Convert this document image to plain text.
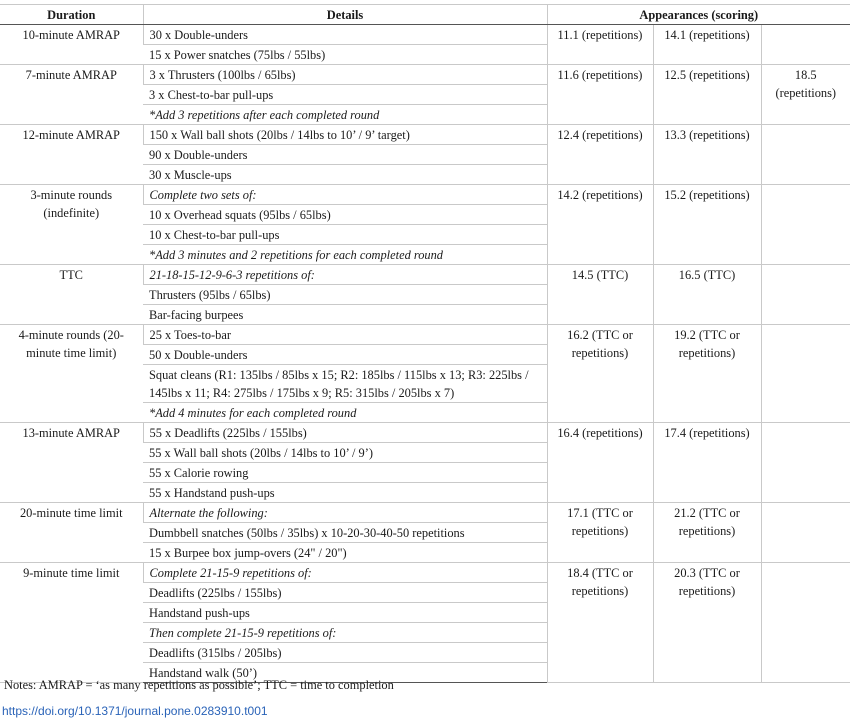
Duration	Details	Appearances (scoring)		
10-minute AMRAP	30 x Double-unders	11.1 (repetitions)	14.1 (repetitions)	
	15 x Power snatches (75lbs / 55lbs)			
7-minute AMRAP	3 x Thrusters (100lbs / 65lbs)	11.6 (repetitions)	12.5 (repetitions)	18.5 (repetitions)
	3 x Chest-to-bar pull-ups			
	*Add 3 repetitions after each completed round			
12-minute AMRAP	150 x Wall ball shots (20lbs / 14lbs to 10’ / 9’ target)	12.4 (repetitions)	13.3 (repetitions)	
	90 x Double-unders			
	30 x Muscle-ups			
3-minute rounds (indefinite)	Complete two sets of:	14.2 (repetitions)	15.2 (repetitions)	
	10 x Overhead squats (95lbs / 65lbs)			
	10 x Chest-to-bar pull-ups			
	*Add 3 minutes and 2 repetitions for each completed round			
TTC	21-18-15-12-9-6-3 repetitions of:	14.5 (TTC)	16.5 (TTC)	
	Thrusters (95lbs / 65lbs)			
	Bar-facing burpees			
4-minute rounds (20-minute time limit)	25 x Toes-to-bar	16.2 (TTC or repetitions)	19.2 (TTC or repetitions)	
	50 x Double-unders			
	Squat cleans (R1: 135lbs / 85lbs x 15; R2: 185lbs / 115lbs x 13; R3: 225lbs / 145lbs x 11; R4: 275lbs / 175lbs x 9; R5: 315lbs / 205lbs x 7)			
	*Add 4 minutes for each completed round			
13-minute AMRAP	55 x Deadlifts (225lbs / 155lbs)	16.4 (repetitions)	17.4 (repetitions)	
	55 x Wall ball shots (20lbs / 14lbs to 10’ / 9’)			
	55 x Calorie rowing			
	55 x Handstand push-ups			
20-minute time limit	Alternate the following:	17.1 (TTC or repetitions)	21.2 (TTC or repetitions)	
	Dumbbell snatches (50lbs / 35lbs) x 10-20-30-40-50 repetitions			
	15 x Burpee box jump-overs (24" / 20")			
9-minute time limit	Complete 21-15-9 repetitions of:	18.4 (TTC or repetitions)	20.3 (TTC or repetitions)	
	Deadlifts (225lbs / 155lbs)			
	Handstand push-ups			
	Then complete 21-15-9 repetitions of:			
	Deadlifts (315lbs / 205lbs)			
	Handstand walk (50’)			
Notes: AMRAP = ‘as many repetitions as possible’; TTC = time to completion
https://doi.org/10.1371/journal.pone.0283910.t001
